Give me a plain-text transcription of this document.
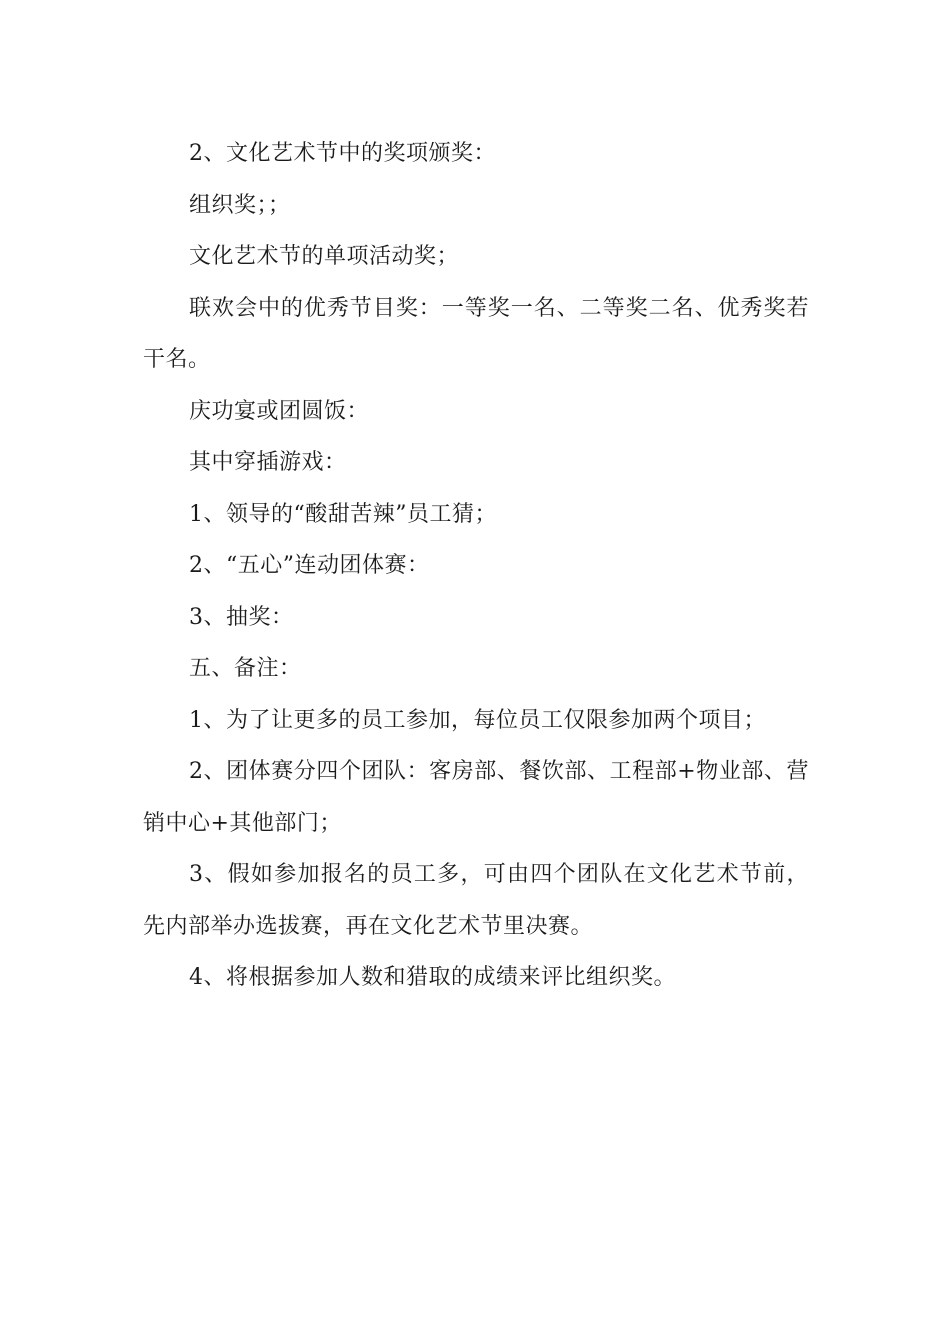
2、文化艺术节中的奖项颁奖：

组织奖；；

文化艺术节的单项活动奖；

联欢会中的优秀节目奖：一等奖一名、二等奖二名、优秀奖若干名。

庆功宴或团圆饭：

其中穿插游戏：

1、领导的“酸甜苦辣”员工猜；

2、“五心”连动团体赛：

3、抽奖：

五、备注：

1、为了让更多的员工参加，每位员工仅限参加两个项目；

2、团体赛分四个团队：客房部、餐饮部、工程部+物业部、营销中心+其他部门；

3、假如参加报名的员工多，可由四个团队在文化艺术节前，先内部举办选拔赛，再在文化艺术节里决赛。

4、将根据参加人数和猎取的成绩来评比组织奖。
